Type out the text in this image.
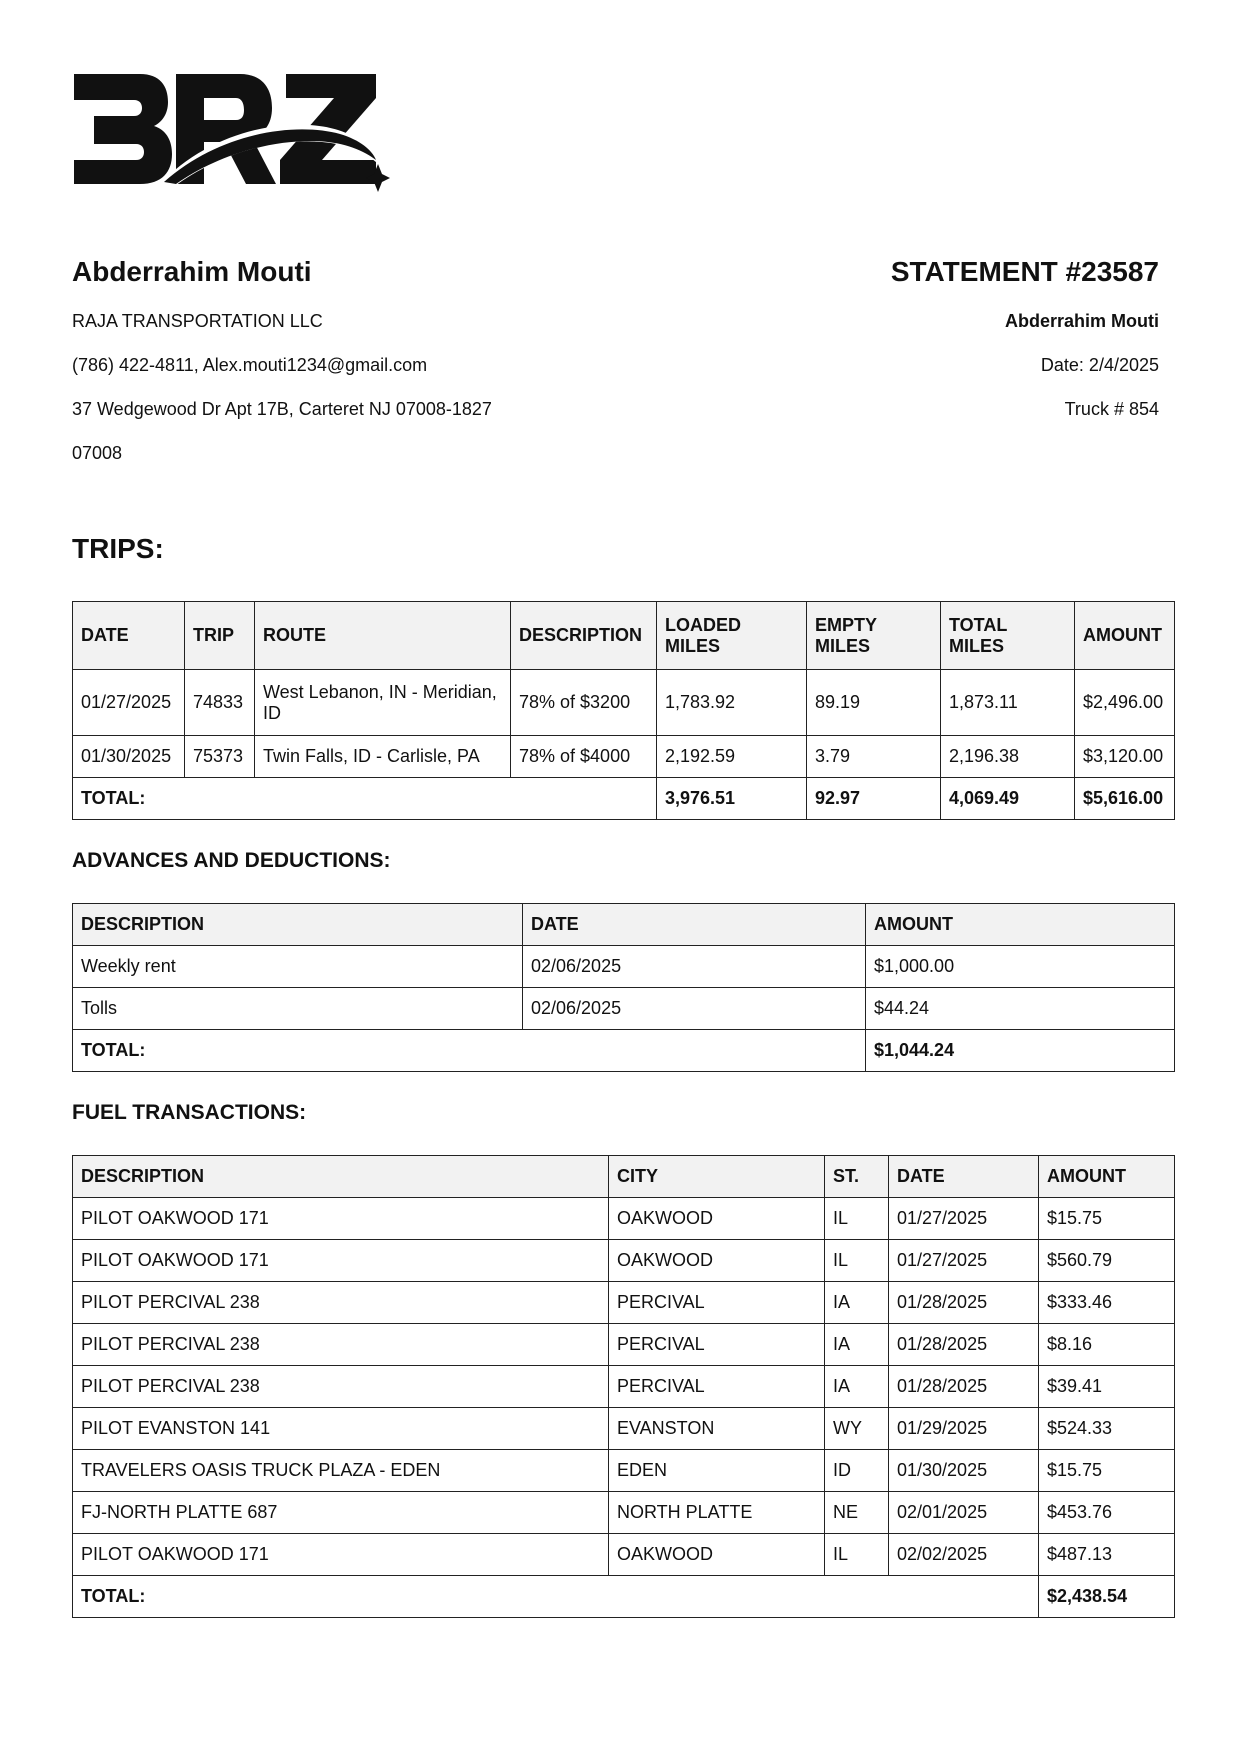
Abderrahim Mouti
RAJA TRANSPORTATION LLC
(786) 422-4811, Alex.mouti1234@gmail.com
37 Wedgewood Dr Apt 17B, Carteret NJ 07008-1827
07008
STATEMENT #23587
Abderrahim Mouti
Date: 2/4/2025
Truck # 854
TRIPS:
DATE	TRIP	ROUTE	DESCRIPTION	LOADED MILES	EMPTY MILES	TOTAL MILES	AMOUNT
01/27/2025	74833	West Lebanon, IN - Meridian, ID	78% of $3200	1,783.92	89.19	1,873.11	$2,496.00
01/30/2025	75373	Twin Falls, ID - Carlisle, PA	78% of $4000	2,192.59	3.79	2,196.38	$3,120.00
TOTAL:				3,976.51	92.97	4,069.49	$5,616.00
ADVANCES AND DEDUCTIONS:
DESCRIPTION	DATE	AMOUNT
Weekly rent	02/06/2025	$1,000.00
Tolls	02/06/2025	$44.24
TOTAL:		$1,044.24
FUEL TRANSACTIONS:
DESCRIPTION	CITY	ST.	DATE	AMOUNT
PILOT OAKWOOD 171	OAKWOOD	IL	01/27/2025	$15.75
PILOT OAKWOOD 171	OAKWOOD	IL	01/27/2025	$560.79
PILOT PERCIVAL 238	PERCIVAL	IA	01/28/2025	$333.46
PILOT PERCIVAL 238	PERCIVAL	IA	01/28/2025	$8.16
PILOT PERCIVAL 238	PERCIVAL	IA	01/28/2025	$39.41
PILOT EVANSTON 141	EVANSTON	WY	01/29/2025	$524.33
TRAVELERS OASIS TRUCK PLAZA - EDEN	EDEN	ID	01/30/2025	$15.75
FJ-NORTH PLATTE 687	NORTH PLATTE	NE	02/01/2025	$453.76
PILOT OAKWOOD 171	OAKWOOD	IL	02/02/2025	$487.13
TOTAL:				$2,438.54
